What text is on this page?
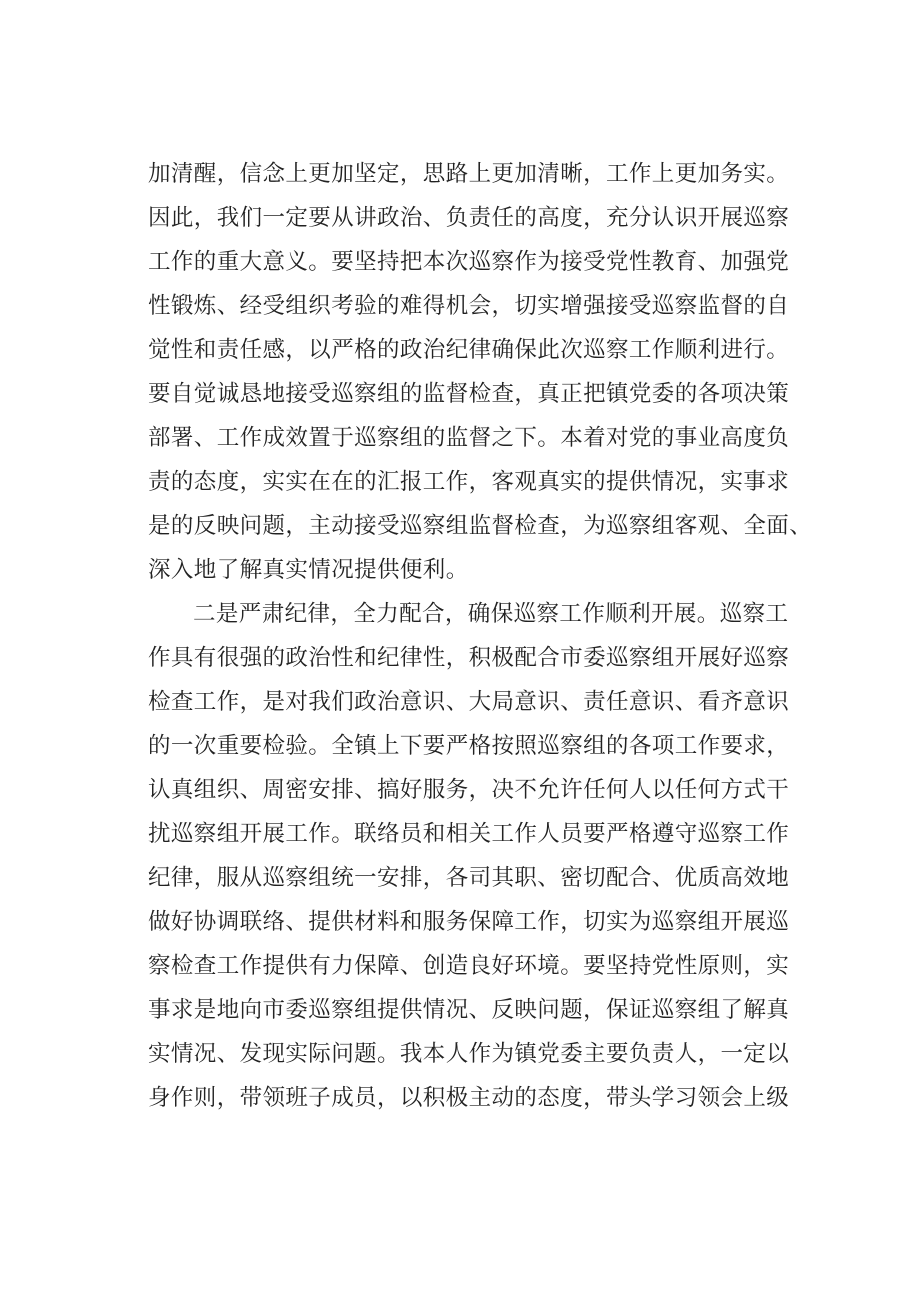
加清醒，信念上更加坚定，思路上更加清晰，工作上更加务实。
因此，我们一定要从讲政治、负责任的高度，充分认识开展巡察
工作的重大意义。要坚持把本次巡察作为接受党性教育、加强党
性锻炼、经受组织考验的难得机会，切实增强接受巡察监督的自
觉性和责任感，以严格的政治纪律确保此次巡察工作顺利进行。
要自觉诚恳地接受巡察组的监督检查，真正把镇党委的各项决策
部署、工作成效置于巡察组的监督之下。本着对党的事业高度负
责的态度，实实在在的汇报工作，客观真实的提供情况，实事求
是的反映问题，主动接受巡察组监督检查，为巡察组客观、全面、
深入地了解真实情况提供便利。
二是严肃纪律，全力配合，确保巡察工作顺利开展。巡察工
作具有很强的政治性和纪律性，积极配合市委巡察组开展好巡察
检查工作，是对我们政治意识、大局意识、责任意识、看齐意识
的一次重要检验。全镇上下要严格按照巡察组的各项工作要求，
认真组织、周密安排、搞好服务，决不允许任何人以任何方式干
扰巡察组开展工作。联络员和相关工作人员要严格遵守巡察工作
纪律，服从巡察组统一安排，各司其职、密切配合、优质高效地
做好协调联络、提供材料和服务保障工作，切实为巡察组开展巡
察检查工作提供有力保障、创造良好环境。要坚持党性原则，实
事求是地向市委巡察组提供情况、反映问题，保证巡察组了解真
实情况、发现实际问题。我本人作为镇党委主要负责人，一定以
身作则，带领班子成员，以积极主动的态度，带头学习领会上级
